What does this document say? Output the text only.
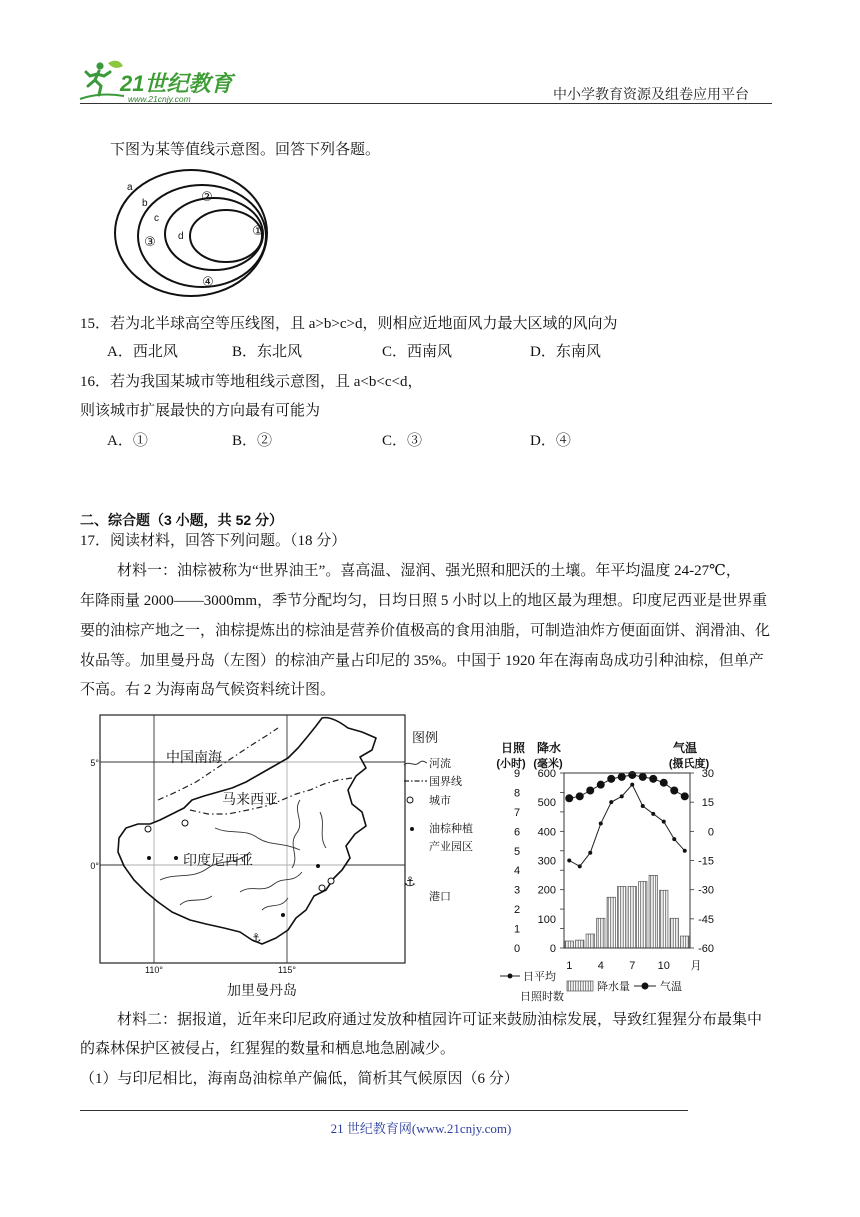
21世纪教育
www.21cnjy.com	中小学教育资源及组卷应用平台
下图为某等值线示意图。回答下列各题。
a
b
c
d	①
②
③
④
15．若为北半球高空等压线图，且 a>b>c>d，则相应近地面风力最大区域的风向为
A．西北风	B．东北风	C．西南风	D．东南风
16．若为我国某城市等地租线示意图，且 a<b<c<d，
则该城市扩展最快的方向最有可能为
A．①	B．②	C．③	D．④
二、综合题（3 小题，共 52 分）
17．阅读材料，回答下列问题。（18 分）
材料一：油棕被称为“世界油王”。喜高温、湿润、强光照和肥沃的土壤。年平均温度 24-27℃，
年降雨量 2000——3000mm，季节分配均匀，日均日照 5 小时以上的地区最为理想。印度尼西亚是世界重
要的油棕产地之一，油棕提炼出的棕油是营养价值极高的食用油脂，可制造油炸方便面面饼、润滑油、化
妆品等。加里曼丹岛（左图）的棕油产量占印尼的 35%。中国于 1920 年在海南岛成功引种油棕，但单产
不高。右 2 为海南岛气候资料统计图。
⚓
中国南海
马来西亚
印度尼西亚
5°
0°
110°	115°
加里曼丹岛
图例
河流
国界线
城市
油棕种植
产业园区
⚓
港口
日照
(小时)
降水
(毫米)
气温
(摄氏度)
0
1
2
3
4
5
6
7
8
9
0
100
200
300
400
500
600
-60
-45
-30
-15
0
15
30
1 4 7 10 月
日平均
日照时数
降水量	气温
材料二：据报道，近年来印尼政府通过发放种植园许可证来鼓励油棕发展，导致红猩猩分布最集中
的森林保护区被侵占，红猩猩的数量和栖息地急剧减少。
（1）与印尼相比，海南岛油棕单产偏低，简析其气候原因（6 分）
21 世纪教育网(www.21cnjy.com)
